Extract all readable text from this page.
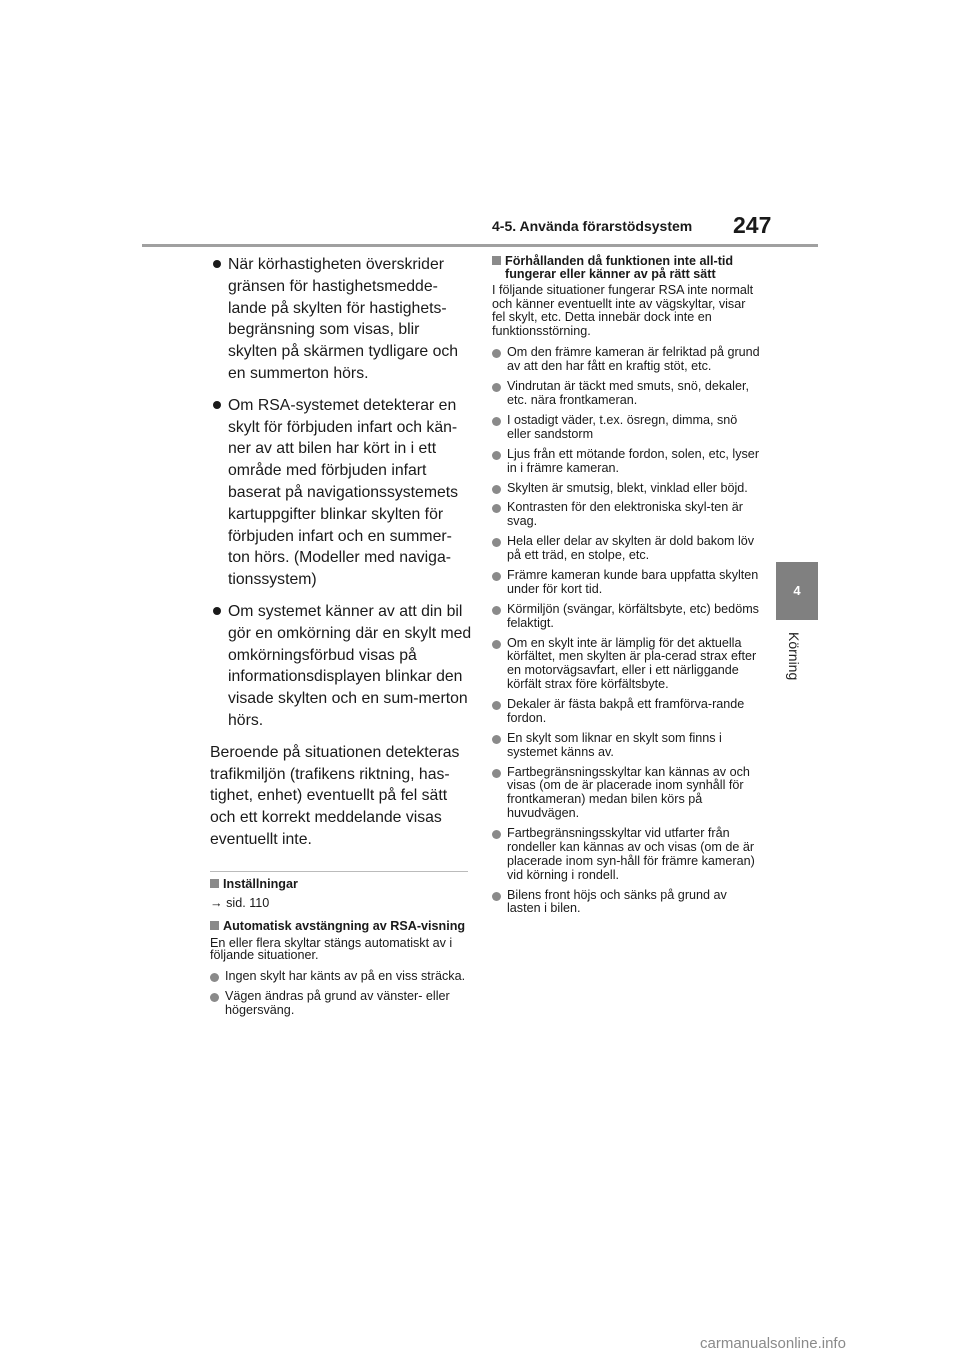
4-5. Använda förarstödsystem 247
4
Körning
När körhastigheten överskrider gränsen för hastighetsmedde-lande på skylten för hastighets-begränsning som visas, blir skylten på skärmen tydligare och en summerton hörs.
Om RSA-systemet detekterar en skylt för förbjuden infart och kän-ner av att bilen har kört in i ett område med förbjuden infart baserat på navigationssystemets kartuppgifter blinkar skylten för förbjuden infart och en summer-ton hörs. (Modeller med naviga-tionssystem)
Om systemet känner av att din bil gör en omkörning där en skylt med omkörningsförbud visas på informationsdisplayen blinkar den visade skylten och en sum-merton hörs.

Beroende på situationen detekteras trafikmiljön (trafikens riktning, has-tighet, enhet) eventuellt på fel sätt och ett korrekt meddelande visas eventuellt inte.

Inställningar
→ sid. 110
Automatisk avstängning av RSA-visning

En eller flera skyltar stängs automatiskt av i följande situationer.

Ingen skylt har känts av på en viss sträcka.
Vägen ändras på grund av vänster- eller högersväng.
Förhållanden då funktionen inte all-tid fungerar eller känner av på rätt sätt

I följande situationer fungerar RSA inte normalt och känner eventuellt inte av vägskyltar, visar fel skylt, etc. Detta innebär dock inte en funktionsstörning.

Om den främre kameran är felriktad på grund av att den har fått en kraftig stöt, etc.
Vindrutan är täckt med smuts, snö, dekaler, etc. nära frontkameran.
I ostadigt väder, t.ex. ösregn, dimma, snö eller sandstorm
Ljus från ett mötande fordon, solen, etc, lyser in i främre kameran.
Skylten är smutsig, blekt, vinklad eller böjd.
Kontrasten för den elektroniska skyl-ten är svag.
Hela eller delar av skylten är dold bakom löv på ett träd, en stolpe, etc.
Främre kameran kunde bara uppfatta skylten under för kort tid.
Körmiljön (svängar, körfältsbyte, etc) bedöms felaktigt.
Om en skylt inte är lämplig för det aktuella körfältet, men skylten är pla-cerad strax efter en motorvägsavfart, eller i ett närliggande körfält strax före körfältsbyte.
Dekaler är fästa bakpå ett framförva-rande fordon.
En skylt som liknar en skylt som finns i systemet känns av.
Fartbegränsningsskyltar kan kännas av och visas (om de är placerade inom synhåll för frontkameran) medan bilen körs på huvudvägen.
Fartbegränsningsskyltar vid utfarter från rondeller kan kännas av och visas (om de är placerade inom syn-håll för främre kameran) vid körning i rondell.
Bilens front höjs och sänks på grund av lasten i bilen.
carmanualsonline.info
